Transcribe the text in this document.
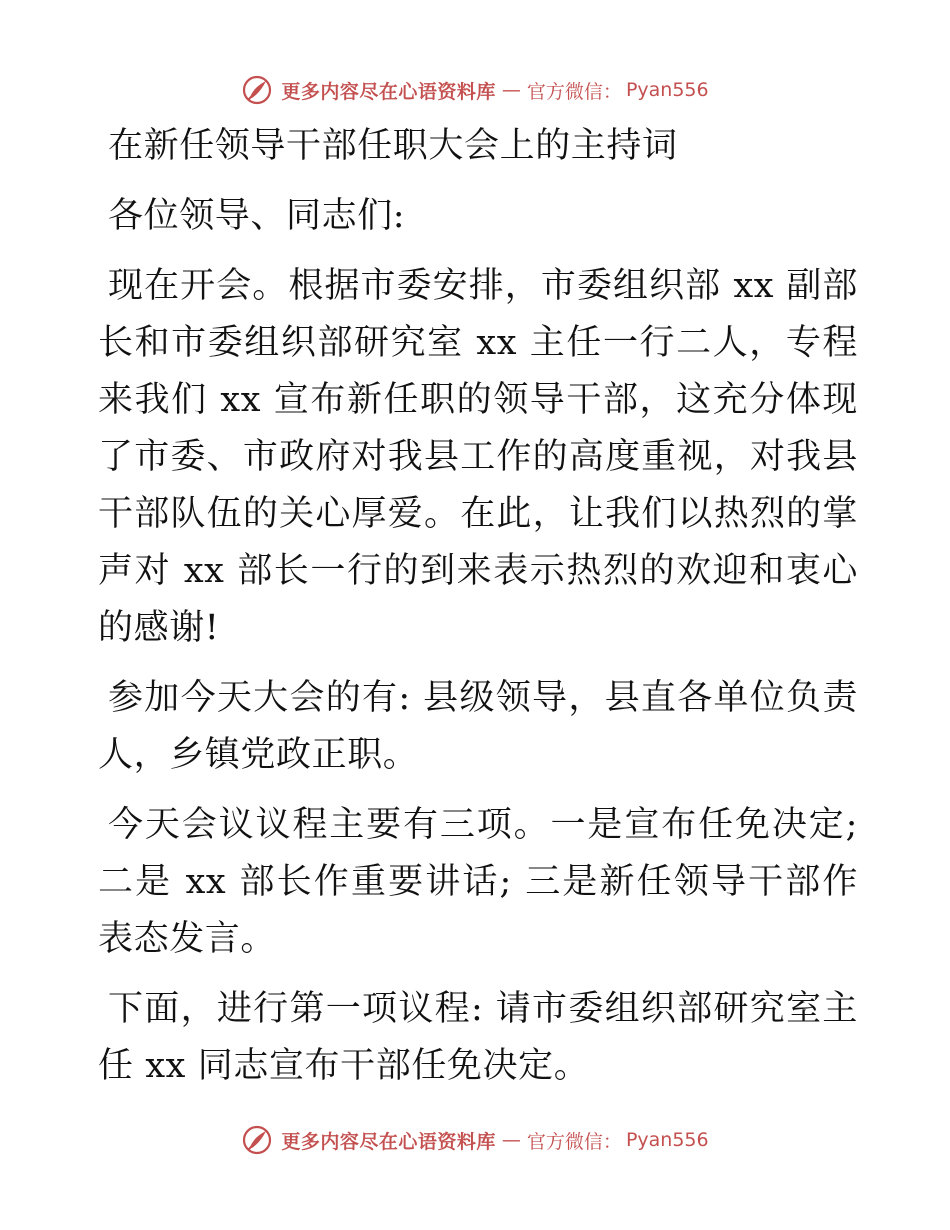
更多内容尽在心语资料库 — 官方微信： Pyan556

在新任领导干部任职大会上的主持词

各位领导、同志们:

现在开会。根据市委安排，市委组织部 xx 副部长和市委组织部研究室 xx 主任一行二人，专程来我们 xx 宣布新任职的领导干部，这充分体现了市委、市政府对我县工作的高度重视，对我县干部队伍的关心厚爱。在此，让我们以热烈的掌声对 xx 部长一行的到来表示热烈的欢迎和衷心的感谢!

参加今天大会的有: 县级领导，县直各单位负责人，乡镇党政正职。

今天会议议程主要有三项。一是宣布任免决定; 二是 xx 部长作重要讲话; 三是新任领导干部作表态发言。

下面，进行第一项议程: 请市委组织部研究室主任 xx 同志宣布干部任免决定。

更多内容尽在心语资料库 — 官方微信： Pyan556
